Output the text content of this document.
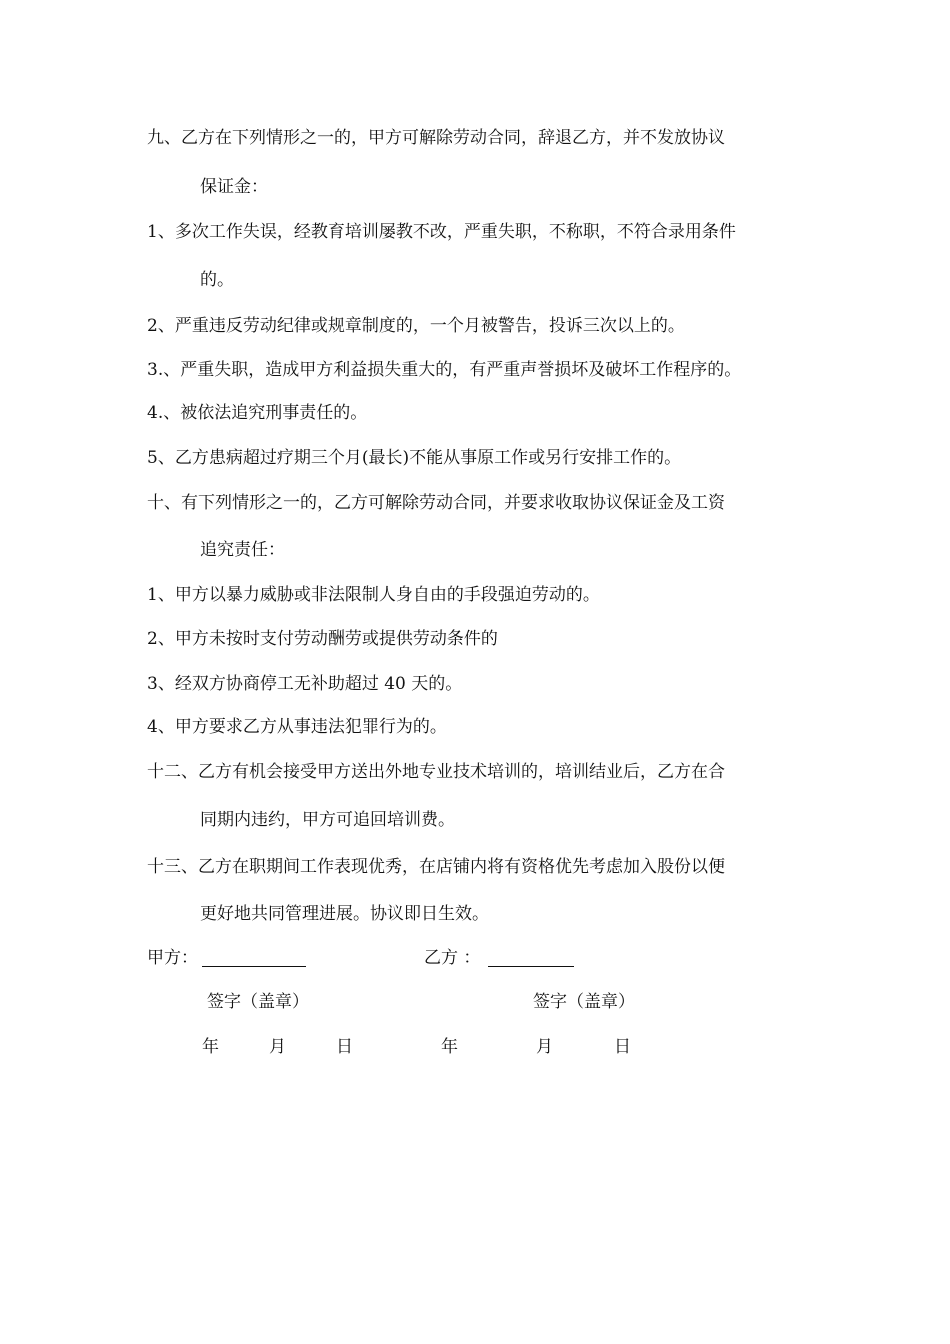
九、乙方在下列情形之一的，甲方可解除劳动合同，辞退乙方，并不发放协议
保证金：
1、多次工作失误，经教育培训屡教不改，严重失职，不称职，不符合录用条件
的。
2、严重违反劳动纪律或规章制度的，一个月被警告，投诉三次以上的。
3.、严重失职，造成甲方利益损失重大的，有严重声誉损坏及破坏工作程序的。
4.、被依法追究刑事责任的。
5、乙方患病超过疗期三个月(最长)不能从事原工作或另行安排工作的。
十、有下列情形之一的，乙方可解除劳动合同，并要求收取协议保证金及工资
追究责任：
1、甲方以暴力威胁或非法限制人身自由的手段强迫劳动的。
2、甲方未按时支付劳动酬劳或提供劳动条件的
3、经双方协商停工无补助超过 40 天的。
4、甲方要求乙方从事违法犯罪行为的。
十二、乙方有机会接受甲方送出外地专业技术培训的，培训结业后，乙方在合
同期内违约，甲方可追回培训费。
十三、乙方在职期间工作表现优秀，在店铺内将有资格优先考虑加入股份以便
更好地共同管理进展。协议即日生效。
甲方：	乙方 ：
签字（盖章）	签字（盖章）
年	月	日	年	月	日
